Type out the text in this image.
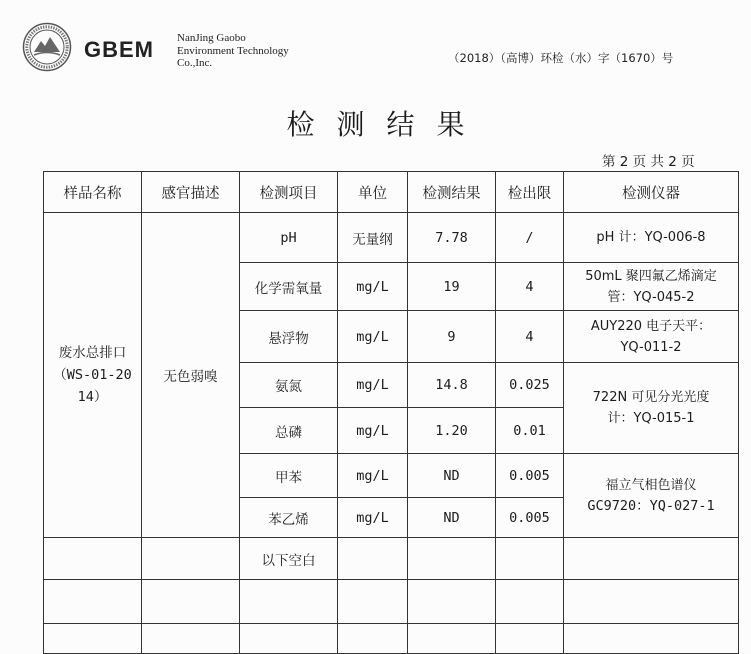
GBEM NanJing Gaobo
Environment Technology
Co.,Inc.	（2018）（高博）环检（水）字（1670）号
检测结果
第 2 页 共 2 页
样品名称	感官描述	检测项目	单位	检测结果	检出限	检测仪器

废水总排口
（WS-01-20
14）	无色弱嗅	pH	无量纲	7.78	/	pH 计：YQ-006-8
		化学需氧量	mg/L	19	4	50mL 聚四氟乙烯滴定
管：YQ-045-2

		悬浮物	mg/L	9	4	AUY220 电子天平：
YQ-011-2

		氨氮	mg/L	14.8	0.025	722N 可见分光光度
计：YQ-015-1

		总磷	mg/L	1.20	0.01	
		甲苯	mg/L	ND	0.005	福立气相色谱仪
GC9720：YQ-027-1

		苯乙烯	mg/L	ND	0.005	
		以下空白				
